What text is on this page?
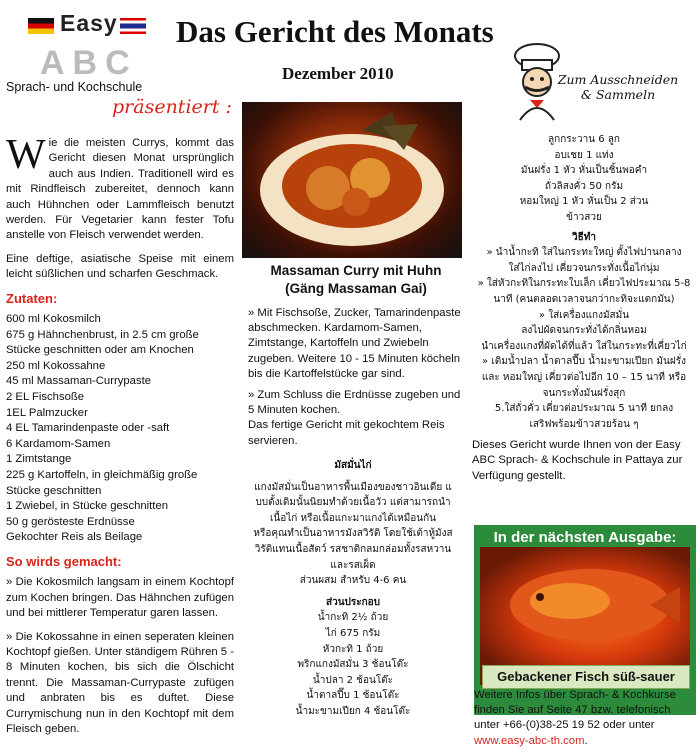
Easy
ABC
Sprach- und Kochschule
präsentiert :
Das Gericht des Monats
Dezember 2010	Zum Ausschneiden
& Sammeln

Wie die meisten Currys, kommt das Gericht diesen Monat ursprünglich auch aus Indien. Traditionell wird es mit Rindfleisch zubereitet, dennoch kann auch Hühnchen oder Lammfleisch benutzt werden. Für Vegetarier kann fester Tofu anstelle von Fleisch verwendet werden.

Eine deftige, asiatische Speise mit einem leicht süßlichen und scharfen Geschmack.

Zutaten:
600 ml Kokosmilch
675 g Hähnchenbrust, in 2.5 cm große Stücke geschnitten oder am Knochen
250 ml Kokossahne
45 ml Massaman-Currypaste
2 EL Fischsoße
1EL Palmzucker
4 EL Tamarindenpaste oder -saft
6 Kardamom-Samen
1 Zimtstange
225 g Kartoffeln, in gleichmäßig große Stücke geschnitten
1 Zwiebel, in Stücke geschnitten
50 g gerösteste Erdnüsse
Gekochter Reis als Beilage
So wirds gemacht:

» Die Kokosmilch langsam in einem Kochtopf zum Kochen bringen. Das Hähnchen zufügen und bei mittlerer Temperatur garen lassen.

» Die Kokossahne in einen seperaten kleinen Kochtopf gießen. Unter ständigem Rühren 5 - 8 Minuten kochen, bis sich die Ölschicht trennt. Die Massaman-Currypaste zufügen und anbraten bis es duftet. Diese Currymischung nun in den Kochtopf mit dem Fleisch geben.

Massaman Curry mit Huhn
(Gäng Massaman Gai)

» Mit Fischsoße, Zucker, Tamarindenpaste abschmecken. Kardamom-Samen, Zimtstange, Kartoffeln und Zwiebeln zugeben. Weitere 10 - 15 Minuten köcheln bis die Kartoffelstücke gar sind.

» Zum Schluss die Erdnüsse zugeben und 5 Minuten kochen.

Das fertige Gericht mit gekochtem Reis servieren.

มัสมั่นไก่
แกงมัสมั่นเป็นอาหารพื้นเมืองของชาวอินเดีย แ
บบดั้งเดิมนั้นนิยมทำด้วยเนื้อวัว แต่สามารถนำ
เนื้อไก่ หรือเนื้อแกะมาแกงได้เหมือนกัน
หรือคุณทำเป็นอาหารมังสวิรัติ โดยใช้เต้าหู้มังส
วิรัติแทนเนื้อสัตว์ รสชาติกลมกล่อมทั้งรสหวาน
และรสเผ็ด
ส่วนผสม สำหรับ 4-6 คน
ส่วนประกอบ
น้ำกะทิ 2½ ถ้วย
ไก่ 675 กรัม
หัวกะทิ 1 ถ้วย
พริกแกงมัสมั่น 3 ช้อนโต๊ะ
น้ำปลา 2 ช้อนโต๊ะ
น้ำตาลปี๊บ 1 ช้อนโต๊ะ
น้ำมะขามเปียก 4 ช้อนโต๊ะ
ลูกกระวาน 6 ลูก
อบเชย 1 แท่ง
มันฝรั่ง 1 หัว หั่นเป็นชิ้นพอคำ
ถั่วลิสงคั่ว 50 กรัม
หอมใหญ่ 1 หัว หั่นเป็น 2 ส่วน
ข้าวสวย
วิธีทำ
» นำน้ำกะทิ ใส่ในกระทะใหญ่ ตั้งไฟปานกลาง
ใส่ไก่ลงไป เคี่ยวจนกระทั่งเนื้อไก่นุ่ม
» ใส่หัวกะทิในกระทะใบเล็ก เคี่ยวไฟประมาณ 5-8
นาที (คนตลอดเวลาจนกว่ากะทิจะแตกมัน)
» ใส่เครื่องแกงมัสมั่น
ลงไปผัดจนกระทั่งได้กลิ่นหอม
นำเครื่องแกงที่ผัดได้ที่แล้ว ใส่ในกระทะที่เคี่ยวไก่
» เติมน้ำปลา น้ำตาลปี๊บ น้ำมะขามเปียก มันฝรั่ง
และ หอมใหญ่ เคี่ยวต่อไปอีก 10 – 15 นาที หรือ
จนกระทั่งมันฝรั่งสุก
5.ใส่ถั่วคั่ว เคี่ยวต่อประมาณ 5 นาที ยกลง
เสริฟพร้อมข้าวสวยร้อน ๆ
Dieses Gericht wurde Ihnen von der Easy ABC Sprach- & Kochschule in Pattaya zur Verfügung gestellt.
In der nächsten Ausgabe:
Gebackener Fisch süß-sauer
Weitere Infos über Sprach- & Kochkurse finden Sie auf Seite 47 bzw. telefonisch unter +66-(0)38-25 19 52 oder unter www.easy-abc-th.com.
